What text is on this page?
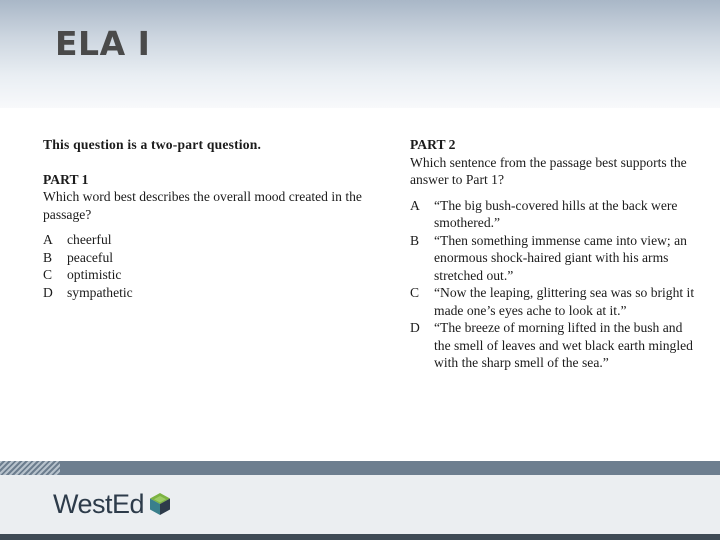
ELA I
This question is a two-part question.
PART 1
Which word best describes the overall mood created in the passage?
A	cheerful
B	peaceful
C	optimistic
D	sympathetic
PART 2
Which sentence from the passage best supports the answer to Part 1?
A	“The big bush-covered hills at the back were smothered.”
B	“Then something immense came into view; an enormous shock-haired giant with his arms stretched out.”
C	“Now the leaping, glittering sea was so bright it made one’s eyes ache to look at it.”
D	“The breeze of morning lifted in the bush and the smell of leaves and wet black earth mingled with the sharp smell of the sea.”
WestEd
